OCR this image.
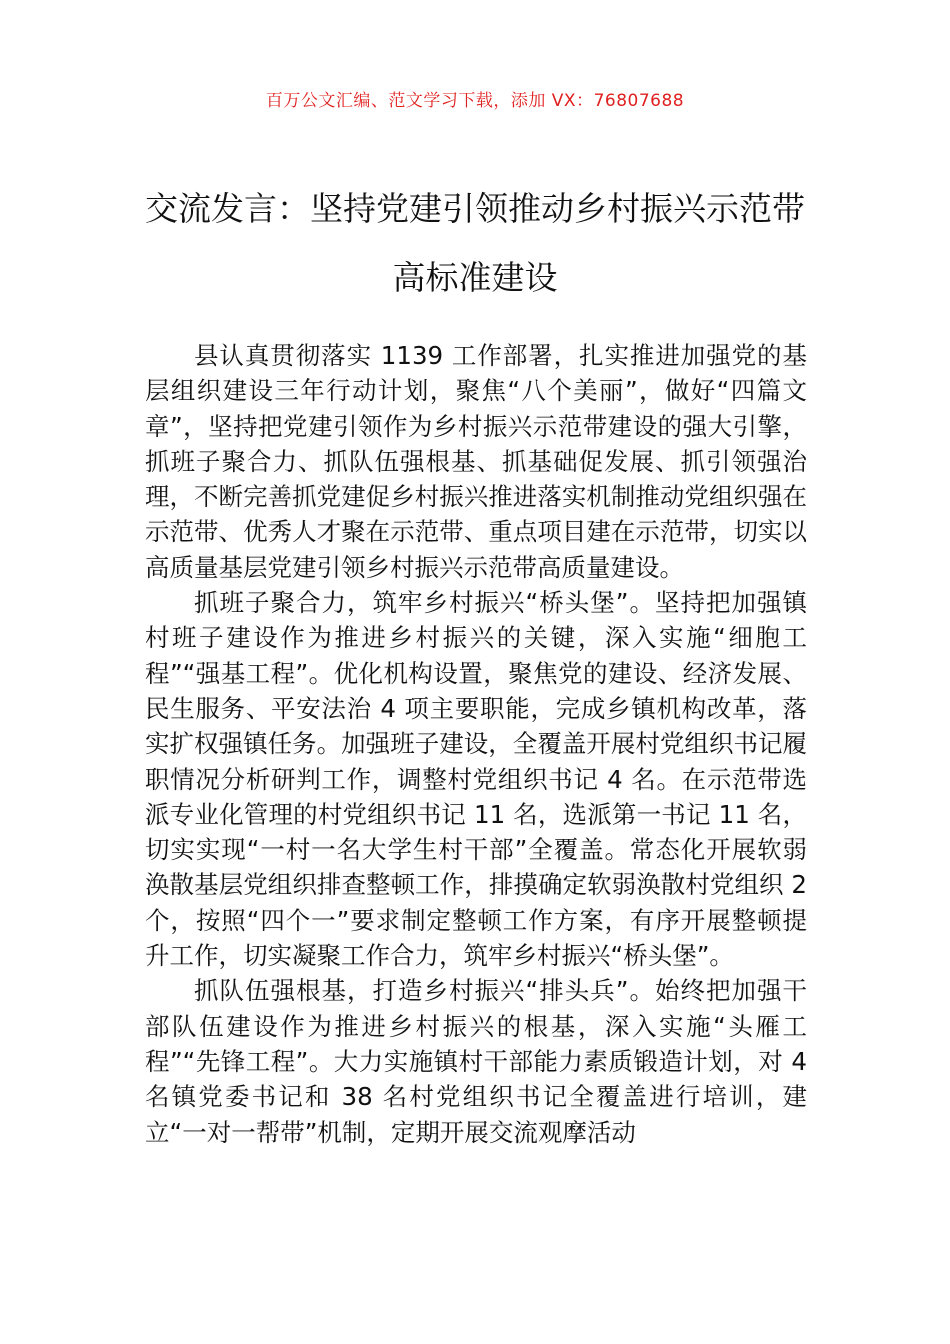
百万公文汇编、范文学习下载，添加 VX：76807688
交流发言：坚持党建引领推动乡村振兴示范带高标准建设

县认真贯彻落实 1139 工作部署，扎实推进加强党的基层组织建设三年行动计划，聚焦“八个美丽”，做好“四篇文章”，坚持把党建引领作为乡村振兴示范带建设的强大引擎，抓班子聚合力、抓队伍强根基、抓基础促发展、抓引领强治理，不断完善抓党建促乡村振兴推进落实机制推动党组织强在示范带、优秀人才聚在示范带、重点项目建在示范带，切实以高质量基层党建引领乡村振兴示范带高质量建设。

抓班子聚合力，筑牢乡村振兴“桥头堡”。坚持把加强镇村班子建设作为推进乡村振兴的关键，深入实施“细胞工程”“强基工程”。优化机构设置，聚焦党的建设、经济发展、民生服务、平安法治 4 项主要职能，完成乡镇机构改革，落实扩权强镇任务。加强班子建设，全覆盖开展村党组织书记履职情况分析研判工作，调整村党组织书记 4 名。在示范带选派专业化管理的村党组织书记 11 名，选派第一书记 11 名，切实实现“一村一名大学生村干部”全覆盖。常态化开展软弱涣散基层党组织排查整顿工作，排摸确定软弱涣散村党组织 2 个，按照“四个一”要求制定整顿工作方案，有序开展整顿提升工作，切实凝聚工作合力，筑牢乡村振兴“桥头堡”。

抓队伍强根基，打造乡村振兴“排头兵”。始终把加强干部队伍建设作为推进乡村振兴的根基，深入实施“头雁工程”“先锋工程”。大力实施镇村干部能力素质锻造计划，对 4 名镇党委书记和 38 名村党组织书记全覆盖进行培训，建立“一对一帮带”机制，定期开展交流观摩活动
